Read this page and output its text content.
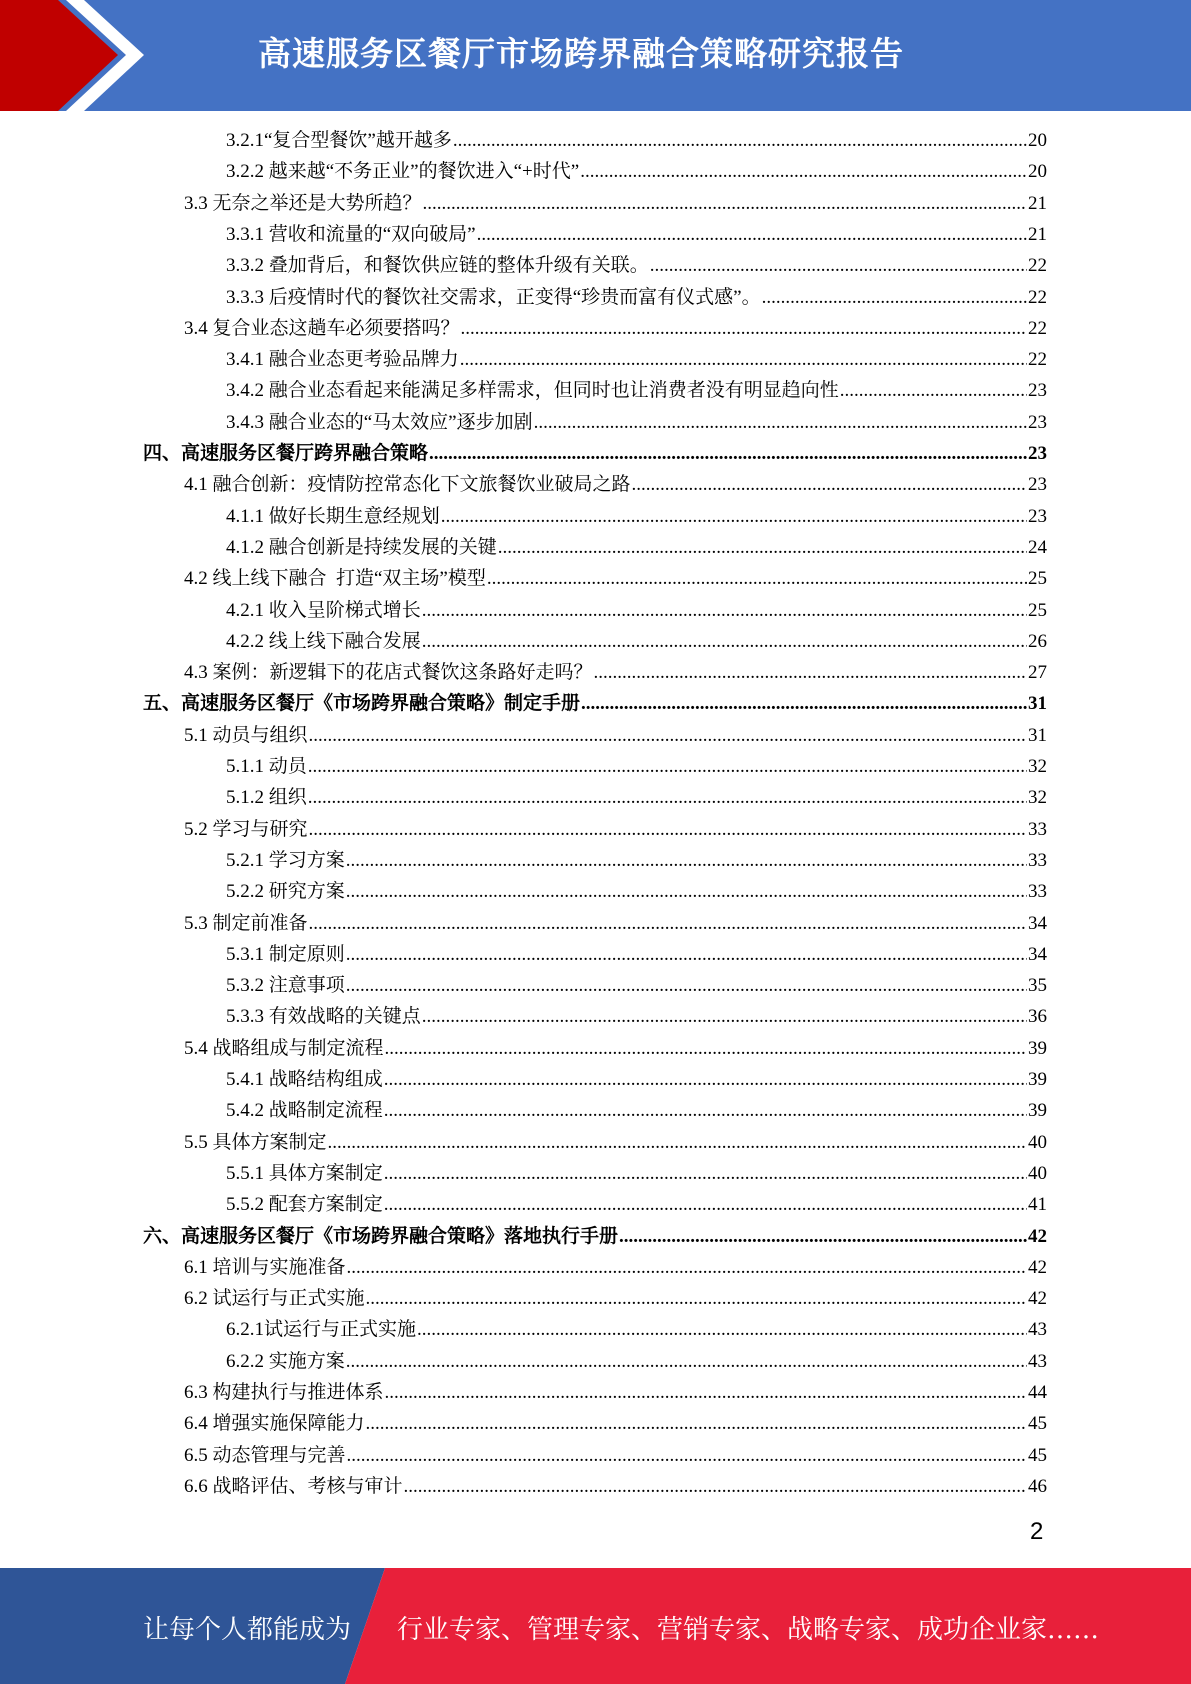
高速服务区餐厅市场跨界融合策略研究报告
3.2.1 “复合型餐饮”越开越多 .....	20
3.2.2 越来越“不务正业”的餐饮进入“+时代” .....	20
3.3 无奈之举还是大势所趋？ .....	21
3.3.1 营收和流量的“双向破局” .....	21
3.3.2 叠加背后，和餐饮供应链的整体升级有关联。 .....	22
3.3.3 后疫情时代的餐饮社交需求，正变得“珍贵而富有仪式感”。 .....	22
3.4 复合业态这趟车必须要搭吗？ .....	22
3.4.1 融合业态更考验品牌力 .....	22
3.4.2 融合业态看起来能满足多样需求，但同时也让消费者没有明显趋向性 .....	23
3.4.3 融合业态的“马太效应”逐步加剧 .....	23
四、 高速服务区餐厅跨界融合策略 .....	23
4.1 融合创新：疫情防控常态化下文旅餐饮业破局之路 .....	23
4.1.1 做好长期生意经规划 .....	23
4.1.2 融合创新是持续发展的关键 .....	24
4.2 线上线下融合  打造“双主场”模型 .....	25
4.2.1 收入呈阶梯式增长 .....	25
4.2.2 线上线下融合发展 .....	26
4.3 案例：新逻辑下的花店式餐饮这条路好走吗？ .....	27
五、 高速服务区餐厅《市场跨界融合策略》制定手册 .....	31
5.1 动员与组织 .....	31
5.1.1 动员 .....	32
5.1.2 组织 .....	32
5.2 学习与研究 .....	33
5.2.1 学习方案 .....	33
5.2.2 研究方案 .....	33
5.3 制定前准备 .....	34
5.3.1 制定原则 .....	34
5.3.2 注意事项 .....	35
5.3.3 有效战略的关键点 .....	36
5.4 战略组成与制定流程 .....	39
5.4.1 战略结构组成 .....	39
5.4.2 战略制定流程 .....	39
5.5 具体方案制定 .....	40
5.5.1 具体方案制定 .....	40
5.5.2 配套方案制定 .....	41
六、 高速服务区餐厅《市场跨界融合策略》落地执行手册 .....	42
6.1 培训与实施准备 .....	42
6.2 试运行与正式实施 .....	42
6.2.1 试运行与正式实施 .....	43
6.2.2 实施方案 .....	43
6.3 构建执行与推进体系 .....	44
6.4 增强实施保障能力 .....	45
6.5 动态管理与完善 .....	45
6.6 战略评估、考核与审计 .....	46
2
让每个人都能成为 行业专家、管理专家、营销专家、战略专家、成功企业家……
